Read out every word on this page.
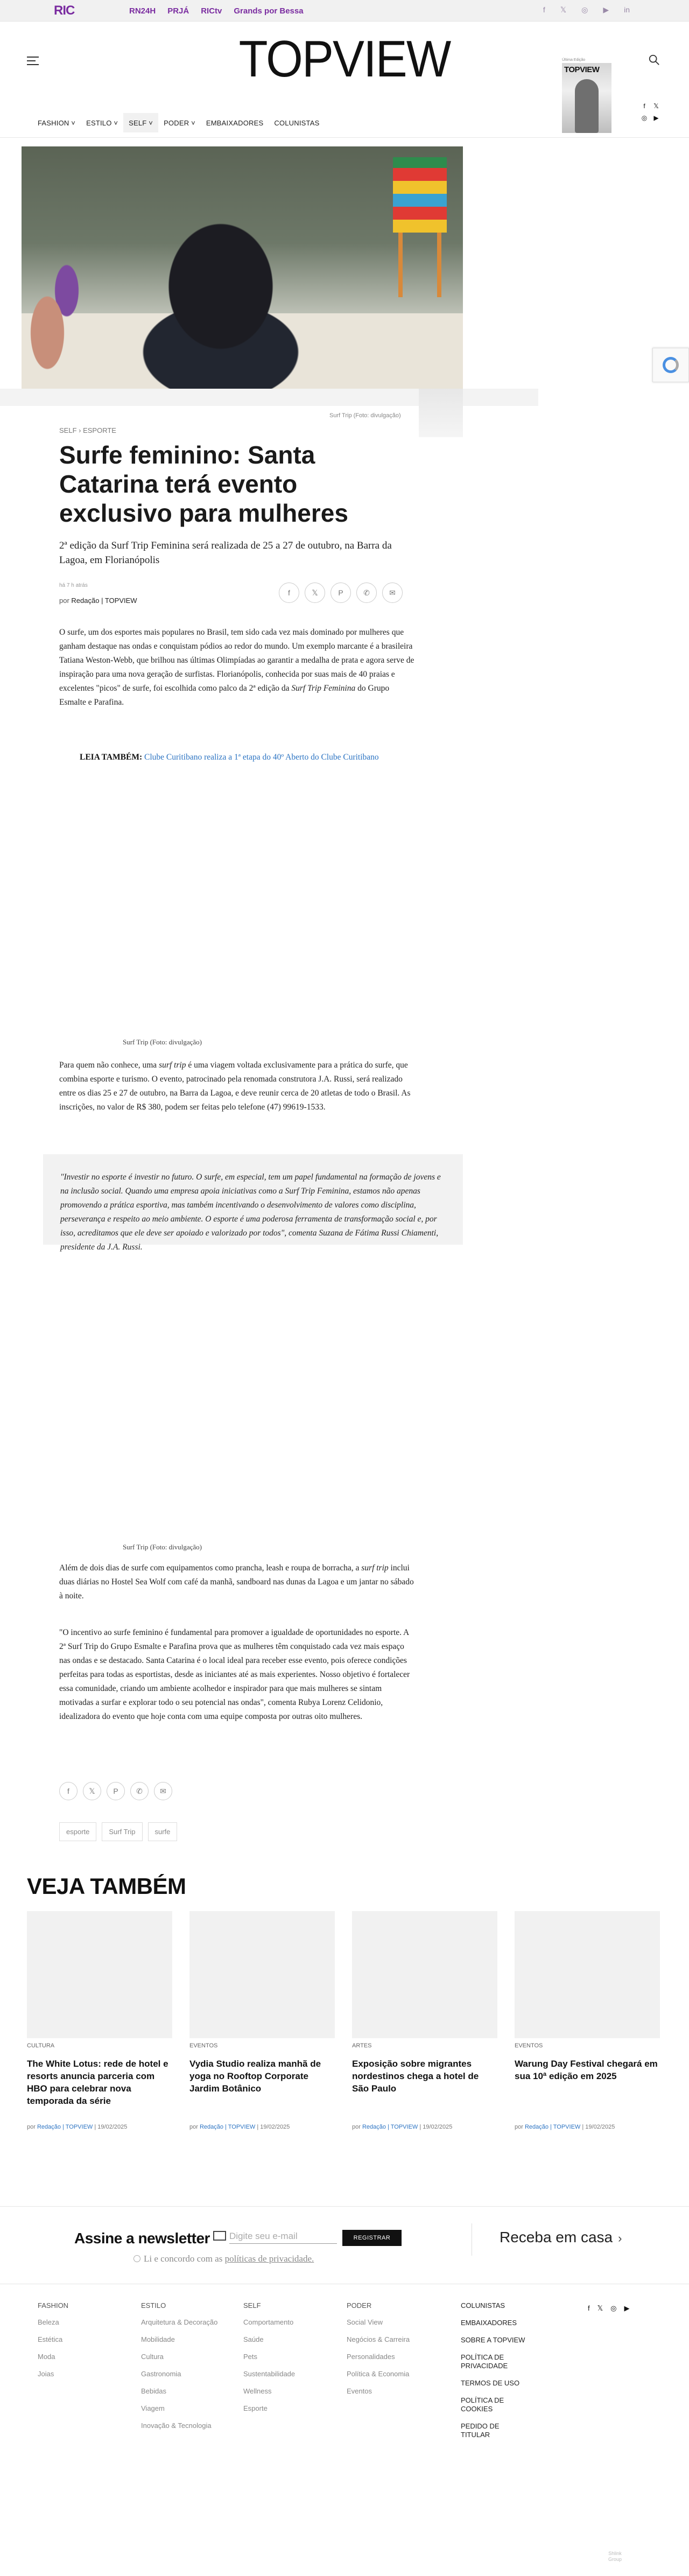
RIC	RN24H PRJÁ RICtv Grands por Bessa	f 𝕏 ◎ ▶ in
TOPVIEW	Última Edição
TOPVIEW
f	𝕏
◎	▶
FASHION ˅	ESTILO ˅	SELF ˅	PODER ˅	EMBAIXADORES	COLUNISTAS
Surf Trip (Foto: divulgação)
SELF › ESPORTE
Surfe feminino: Santa Catarina terá evento exclusivo para mulheres

2ª edição da Surf Trip Feminina será realizada de 25 a 27 de outubro, na Barra da Lagoa, em Florianópolis

há 7 h atrás
por Redação | TOPVIEW
f	𝕏	P	✆	✉

O surfe, um dos esportes mais populares no Brasil, tem sido cada vez mais dominado por mulheres que ganham destaque nas ondas e conquistam pódios ao redor do mundo. Um exemplo marcante é a brasileira Tatiana Weston-Webb, que brilhou nas últimas Olimpíadas ao garantir a medalha de prata e agora serve de inspiração para uma nova geração de surfistas. Florianópolis, conhecida por suas mais de 40 praias e excelentes "picos" de surfe, foi escolhida como palco da 2ª edição da Surf Trip Feminina do Grupo Esmalte e Parafina.

LEIA TAMBÉM: Clube Curitibano realiza a 1ª etapa do 40º Aberto do Clube Curitibano

Surf Trip (Foto: divulgação)

Para quem não conhece, uma surf trip é uma viagem voltada exclusivamente para a prática do surfe, que combina esporte e turismo. O evento, patrocinado pela renomada construtora J.A. Russi, será realizado entre os dias 25 e 27 de outubro, na Barra da Lagoa, e deve reunir cerca de 20 atletas de todo o Brasil. As inscrições, no valor de R$ 380, podem ser feitas pelo telefone (47) 99619-1533.

"Investir no esporte é investir no futuro. O surfe, em especial, tem um papel fundamental na formação de jovens e na inclusão social. Quando uma empresa apoia iniciativas como a Surf Trip Feminina, estamos não apenas promovendo a prática esportiva, mas também incentivando o desenvolvimento de valores como disciplina, perseverança e respeito ao meio ambiente. O esporte é uma poderosa ferramenta de transformação social e, por isso, acreditamos que ele deve ser apoiado e valorizado por todos", comenta Suzana de Fátima Russi Chiamenti, presidente da J.A. Russi.
Surf Trip (Foto: divulgação)

Além de dois dias de surfe com equipamentos como prancha, leash e roupa de borracha, a surf trip inclui duas diárias no Hostel Sea Wolf com café da manhã, sandboard nas dunas da Lagoa e um jantar no sábado à noite.

"O incentivo ao surfe feminino é fundamental para promover a igualdade de oportunidades no esporte. A 2ª Surf Trip do Grupo Esmalte e Parafina prova que as mulheres têm conquistado cada vez mais espaço nas ondas e se destacado. Santa Catarina é o local ideal para receber esse evento, pois oferece condições perfeitas para todas as esportistas, desde as iniciantes até as mais experientes. Nosso objetivo é fortalecer essa comunidade, criando um ambiente acolhedor e inspirador para que mais mulheres se sintam motivadas a surfar e explorar todo o seu potencial nas ondas", comenta Rubya Lorenz Celidonio, idealizadora do evento que hoje conta com uma equipe composta por outras oito mulheres.

f	𝕏	P	✆	✉
esporte	Surf Trip	surfe
VEJA TAMBÉM
CULTURA
The White Lotus: rede de hotel e resorts anuncia parceria com HBO para celebrar nova temporada da série
por Redação | TOPVIEW | 19/02/2025
EVENTOS
Vydia Studio realiza manhã de yoga no Rooftop Corporate Jardim Botânico
por Redação | TOPVIEW | 19/02/2025
ARTES
Exposição sobre migrantes nordestinos chega a hotel de São Paulo
por Redação | TOPVIEW | 19/02/2025
EVENTOS
Warung Day Festival chegará em sua 10ª edição em 2025
por Redação | TOPVIEW | 19/02/2025
Assine a newsletter
Digite seu e-mail	REGISTRAR
Li e concordo com as políticas de privacidade.
Receba em casa ›
FASHION
Beleza
Estética
Moda
Joias
ESTILO
Arquitetura & Decoração
Mobilidade
Cultura
Gastronomia
Bebidas
Viagem
Inovação & Tecnologia
SELF
Comportamento
Saúde
Pets
Sustentabilidade
Wellness
Esporte
PODER
Social View
Negócios & Carreira
Personalidades
Política & Economia
Eventos
COLUNISTAS
EMBAIXADORES
SOBRE A TOPVIEW
POLÍTICA DE PRIVACIDADE
TERMOS DE USO
POLÍTICA DE COOKIES
PEDIDO DE TITULAR
f 𝕏 ◎ ▶
Shlink
Group
